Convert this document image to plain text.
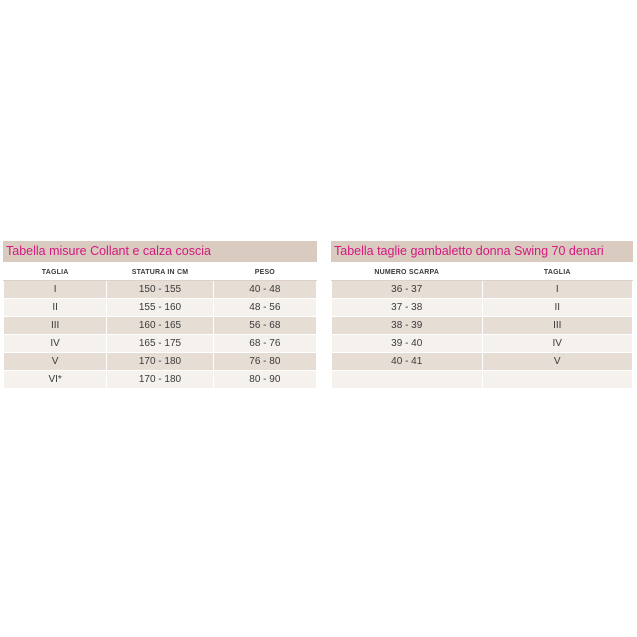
Tabella misure Collant e calza coscia
TAGLIA	STATURA IN CM	PESO
I	150 - 155	40 - 48
II	155 - 160	48 - 56
III	160 - 165	56 - 68
IV	165 - 175	68 - 76
V	170 - 180	76 - 80
VI*	170 - 180	80 - 90
Tabella taglie gambaletto donna Swing 70 denari
NUMERO SCARPA	TAGLIA
36 - 37	I
37 - 38	II
38 - 39	III
39 - 40	IV
40 - 41	V
